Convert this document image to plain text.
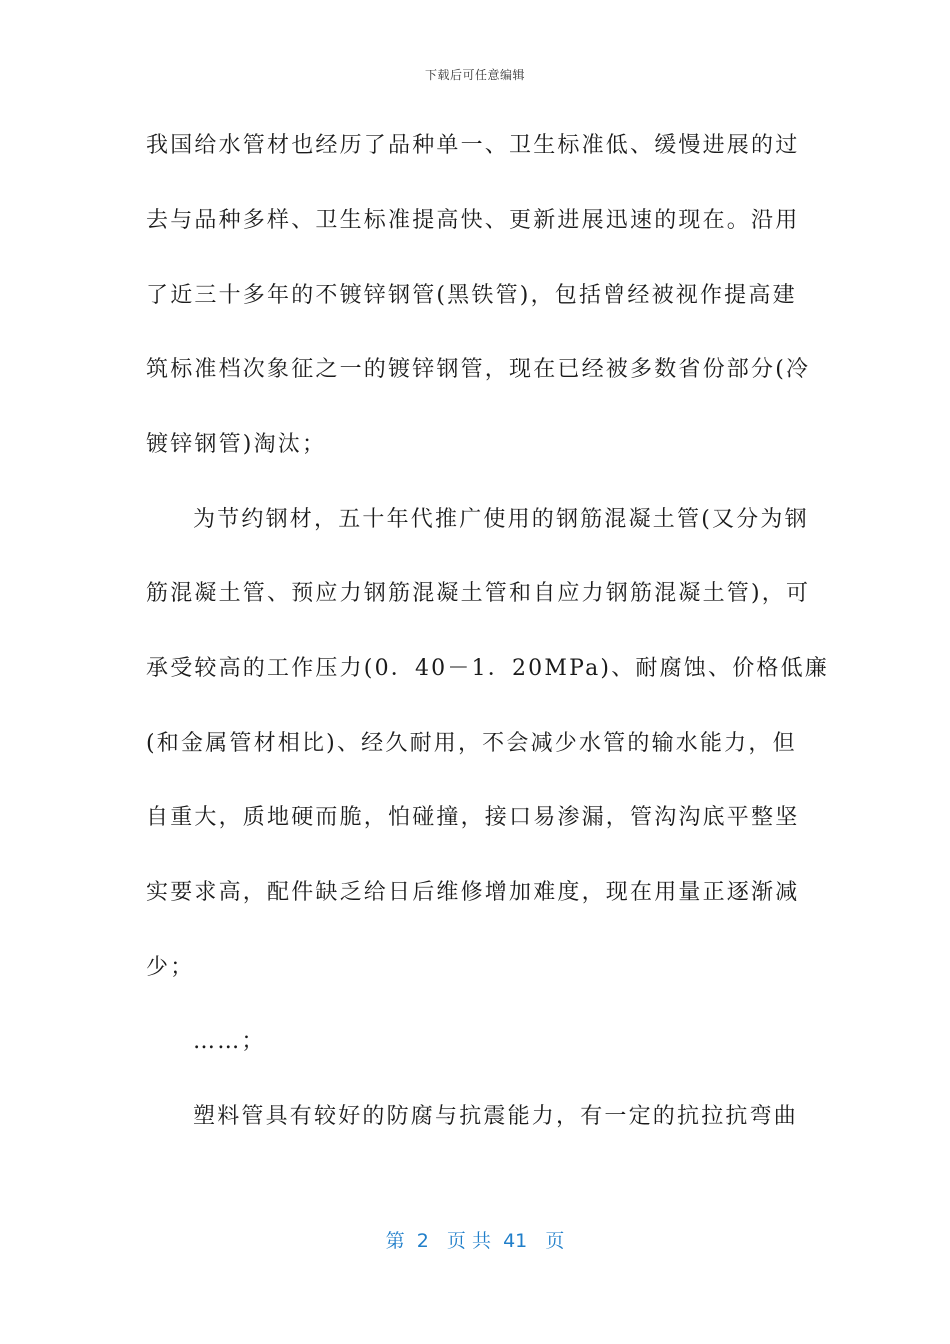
下载后可任意编辑
我国给水管材也经历了品种单一、卫生标准低、缓慢进展的过
去与品种多样、卫生标准提高快、更新进展迅速的现在。沿用
了近三十多年的不镀锌钢管(黑铁管)，包括曾经被视作提高建
筑标准档次象征之一的镀锌钢管，现在已经被多数省份部分(冷
镀锌钢管)淘汰；
为节约钢材，五十年代推广使用的钢筋混凝土管(又分为钢
筋混凝土管、预应力钢筋混凝土管和自应力钢筋混凝土管)，可
承受较高的工作压力(0．40－1．20MPa)、耐腐蚀、价格低廉
(和金属管材相比)、经久耐用，不会减少水管的输水能力，但
自重大，质地硬而脆，怕碰撞，接口易渗漏，管沟沟底平整坚
实要求高，配件缺乏给日后维修增加难度，现在用量正逐渐减
少；
……；
塑料管具有较好的防腐与抗震能力，有一定的抗拉抗弯曲
第 2 页 共 41 页
